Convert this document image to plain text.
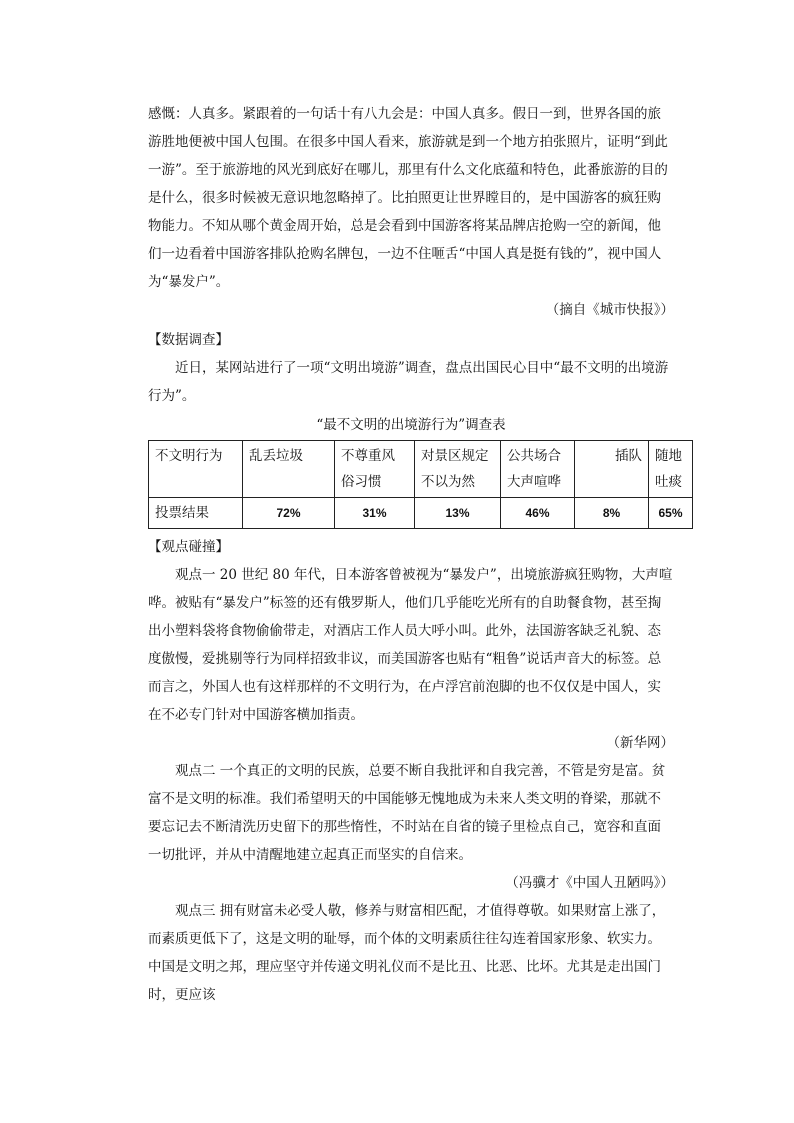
感慨：人真多。紧跟着的一句话十有八九会是：中国人真多。假日一到，世界各国的旅游胜地便被中国人包围。在很多中国人看来，旅游就是到一个地方拍张照片，证明“到此一游”。至于旅游地的风光到底好在哪儿，那里有什么文化底蕴和特色，此番旅游的目的是什么，很多时候被无意识地忽略掉了。比拍照更让世界瞠目的，是中国游客的疯狂购物能力。不知从哪个黄金周开始，总是会看到中国游客将某品牌店抢购一空的新闻，他们一边看着中国游客排队抢购名牌包，一边不住咂舌“中国人真是挺有钱的”，视中国人为“暴发户”。

（摘自《城市快报》）

【数据调查】

近日，某网站进行了一项“文明出境游”调查，盘点出国民心目中“最不文明的出境游行为”。

“最不文明的出境游行为”调查表

不文明行为	乱丢垃圾	不尊重风俗习惯	对景区规定不以为然	公共场合大声喧哗	插队	随地吐痰
投票结果	72%	31%	13%	46%	8%	65%

【观点碰撞】

观点一 20 世纪 80 年代，日本游客曾被视为“暴发户”，出境旅游疯狂购物，大声喧哗。被贴有“暴发户”标签的还有俄罗斯人，他们几乎能吃光所有的自助餐食物，甚至掏出小塑料袋将食物偷偷带走，对酒店工作人员大呼小叫。此外，法国游客缺乏礼貌、态度傲慢，爱挑剔等行为同样招致非议，而美国游客也贴有“粗鲁”说话声音大的标签。总而言之，外国人也有这样那样的不文明行为，在卢浮宫前泡脚的也不仅仅是中国人，实在不必专门针对中国游客横加指责。

（新华网）

观点二 一个真正的文明的民族，总要不断自我批评和自我完善，不管是穷是富。贫富不是文明的标准。我们希望明天的中国能够无愧地成为未来人类文明的脊梁，那就不要忘记去不断清洗历史留下的那些惰性，不时站在自省的镜子里检点自己，宽容和直面一切批评，并从中清醒地建立起真正而坚实的自信来。

（冯骥才《中国人丑陋吗》）

观点三 拥有财富未必受人敬，修养与财富相匹配，才值得尊敬。如果财富上涨了，而素质更低下了，这是文明的耻辱，而个体的文明素质往往勾连着国家形象、软实力。中国是文明之邦，理应坚守并传递文明礼仪而不是比丑、比恶、比坏。尤其是走出国门时，更应该
